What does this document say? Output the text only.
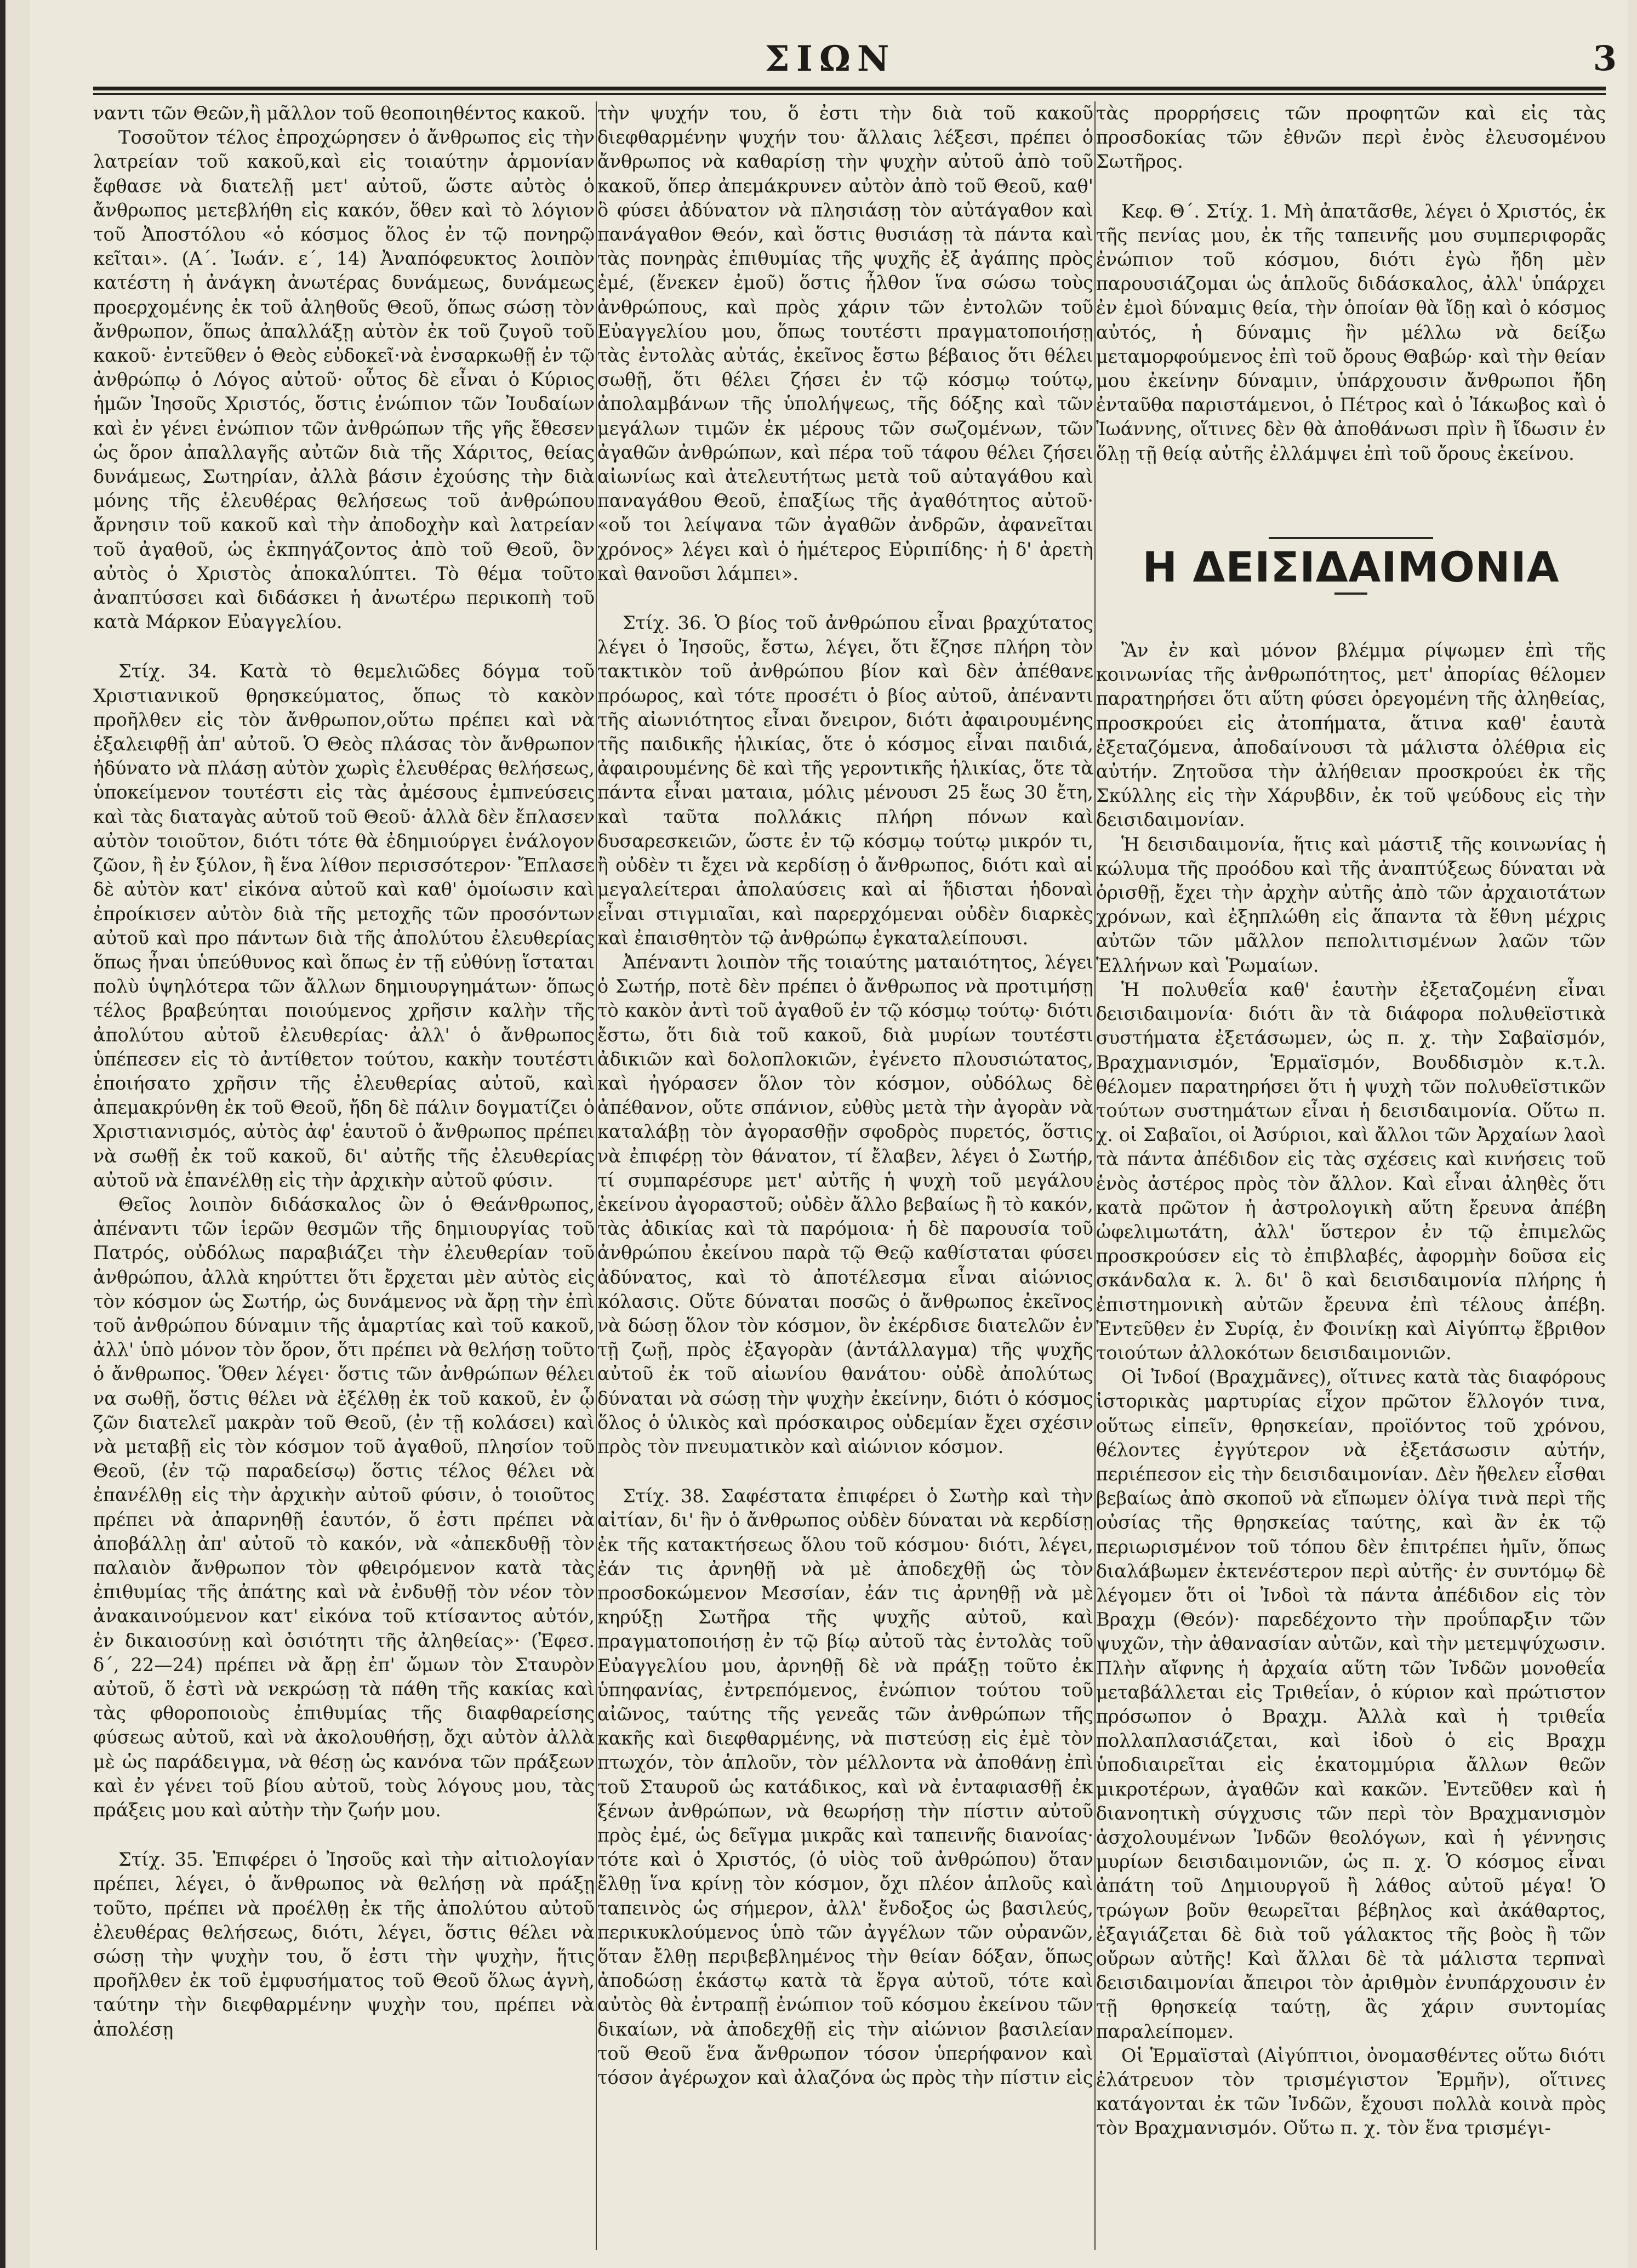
ΣΙΩΝ	3

ναντι τῶν Θεῶν,ἢ μᾶλλον τοῦ θεοποιηθέντος κακοῦ.

Τοσοῦτον τέλος ἐπροχώρησεν ὁ ἄνθρωπος εἰς τὴν λατρείαν τοῦ κακοῦ,καὶ εἰς τοιαύτην ἁρμονίαν ἔφθασε νὰ διατελῇ μετ' αὐτοῦ, ὥστε αὐτὸς ὁ ἄνθρωπος μετεβλήθη εἰς κακόν, ὅθεν καὶ τὸ λόγιον τοῦ Ἀποστόλου «ὁ κόσμος ὅλος ἐν τῷ πονηρῷ κεῖται». (Α΄. Ἰωάν. ε΄, 14) Ἀναπόφευκτος λοιπὸν κατέστη ἡ ἀνάγκη ἀνωτέρας δυνάμεως, δυνάμεως προερχομένης ἐκ τοῦ ἀληθοῦς Θεοῦ, ὅπως σώσῃ τὸν ἄνθρωπον, ὅπως ἀπαλλάξῃ αὐτὸν ἐκ τοῦ ζυγοῦ τοῦ κακοῦ· ἐντεῦθεν ὁ Θεὸς εὐδοκεῖ·νὰ ἐνσαρκωθῇ ἐν τῷ ἀνθρώπῳ ὁ Λόγος αὐτοῦ· οὗτος δὲ εἶναι ὁ Κύριος ἡμῶν Ἰησοῦς Χριστός, ὅστις ἐνώπιον τῶν Ἰουδαίων καὶ ἐν γένει ἐνώπιον τῶν ἀνθρώπων τῆς γῆς ἔθεσεν ὡς ὅρον ἀπαλλαγῆς αὐτῶν διὰ τῆς Χάριτος, θείας δυνάμεως, Σωτηρίαν, ἀλλὰ βάσιν ἐχούσης τὴν διὰ μόνης τῆς ἐλευθέρας θελήσεως τοῦ ἀνθρώπου ἄρνησιν τοῦ κακοῦ καὶ τὴν ἀποδοχὴν καὶ λατρείαν τοῦ ἀγαθοῦ, ὡς ἐκπηγάζοντος ἀπὸ τοῦ Θεοῦ, ὃν αὐτὸς ὁ Χριστὸς ἀποκαλύπτει. Τὸ θέμα τοῦτο ἀναπτύσσει καὶ διδάσκει ἡ ἀνωτέρω περικοπὴ τοῦ κατὰ Μάρκον Εὐαγγελίου.

Στίχ. 34. Κατὰ τὸ θεμελιῶδες δόγμα τοῦ Χριστιανικοῦ θρησκεύματος, ὅπως τὸ κακὸν προῆλθεν εἰς τὸν ἄνθρωπον,οὕτω πρέπει καὶ νὰ ἐξαλειφθῇ ἀπ' αὐτοῦ. Ὁ Θεὸς πλάσας τὸν ἄνθρωπον ἠδύνατο νὰ πλάσῃ αὐτὸν χωρὶς ἐλευθέρας θελήσεως, ὑποκείμενον τουτέστι εἰς τὰς ἀμέσους ἐμπνεύσεις καὶ τὰς διαταγὰς αὐτοῦ τοῦ Θεοῦ· ἀλλὰ δὲν ἔπλασεν αὐτὸν τοιοῦτον, διότι τότε θὰ ἐδημιούργει ἐνάλογον ζῶον, ἢ ἐν ξύλον, ἢ ἕνα λίθον περισσότερον· Ἔπλασε δὲ αὐτὸν κατ' εἰκόνα αὐτοῦ καὶ καθ' ὁμοίωσιν καὶ ἐπροίκισεν αὐτὸν διὰ τῆς μετοχῆς τῶν προσόντων αὐτοῦ καὶ προ πάντων διὰ τῆς ἀπολύτου ἐλευθερίας ὅπως ἦναι ὑπεύθυνος καὶ ὅπως ἐν τῇ εὐθύνῃ ἵσταται πολὺ ὑψηλότερα τῶν ἄλλων δημιουργημάτων· ὅπως τέλος βραβεύηται ποιούμενος χρῆσιν καλὴν τῆς ἀπολύτου αὐτοῦ ἐλευθερίας· ἀλλ' ὁ ἄνθρωπος ὑπέπεσεν εἰς τὸ ἀντίθετον τούτου, κακὴν τουτέστι ἐποιήσατο χρῆσιν τῆς ἐλευθερίας αὐτοῦ, καὶ ἀπεμακρύνθη ἐκ τοῦ Θεοῦ, ἤδη δὲ πάλιν δογματίζει ὁ Χριστιανισμός, αὐτὸς ἀφ' ἑαυτοῦ ὁ ἄνθρωπος πρέπει νὰ σωθῇ ἐκ τοῦ κακοῦ, δι' αὐτῆς τῆς ἐλευθερίας αὐτοῦ νὰ ἐπανέλθῃ εἰς τὴν ἀρχικὴν αὐτοῦ φύσιν.

Θεῖος λοιπὸν διδάσκαλος ὢν ὁ Θεάνθρωπος, ἀπέναντι τῶν ἱερῶν θεσμῶν τῆς δημιουργίας τοῦ Πατρός, οὐδόλως παραβιάζει τὴν ἐλευθερίαν τοῦ ἀνθρώπου, ἀλλὰ κηρύττει ὅτι ἔρχεται μὲν αὐτὸς εἰς τὸν κόσμον ὡς Σωτήρ, ὡς δυνάμενος νὰ ἄρῃ τὴν ἐπὶ τοῦ ἀνθρώπου δύναμιν τῆς ἁμαρτίας καὶ τοῦ κακοῦ, ἀλλ' ὑπὸ μόνον τὸν ὅρον, ὅτι πρέπει νὰ θελήσῃ τοῦτο ὁ ἄνθρωπος. Ὅθεν λέγει· ὅστις τῶν ἀνθρώπων θέλει να σωθῇ, ὅστις θέλει νὰ ἐξέλθῃ ἐκ τοῦ κακοῦ, ἐν ᾧ ζῶν διατελεῖ μακρὰν τοῦ Θεοῦ, (ἐν τῇ κολάσει) καὶ νὰ μεταβῇ εἰς τὸν κόσμον τοῦ ἀγαθοῦ, πλησίον τοῦ Θεοῦ, (ἐν τῷ παραδείσῳ) ὅστις τέλος θέλει νὰ ἐπανέλθῃ εἰς τὴν ἀρχικὴν αὐτοῦ φύσιν, ὁ τοιοῦτος πρέπει νὰ ἀπαρνηθῇ ἑαυτόν, ὅ ἐστι πρέπει νὰ ἀποβάλλῃ ἀπ' αὐτοῦ τὸ κακόν, νὰ «ἀπεκδυθῇ τὸν παλαιὸν ἄνθρωπον τὸν φθειρόμενον κατὰ τὰς ἐπιθυμίας τῆς ἀπάτης καὶ νὰ ἐνδυθῇ τὸν νέον τὸν ἀνακαινούμενον κατ' εἰκόνα τοῦ κτίσαντος αὐτόν, ἐν δικαιοσύνῃ καὶ ὁσιότητι τῆς ἀληθείας»· (Ἐφεσ. δ΄, 22—24) πρέπει νὰ ἄρῃ ἐπ' ὤμων τὸν Σταυρὸν αὐτοῦ, ὅ ἐστὶ νὰ νεκρώσῃ τὰ πάθη τῆς κακίας καὶ τὰς φθοροποιοὺς ἐπιθυμίας τῆς διαφθαρείσης φύσεως αὐτοῦ, καὶ νὰ ἀκολουθήσῃ, ὄχι αὐτὸν ἀλλὰ μὲ ὡς παράδειγμα, νὰ θέσῃ ὡς κανόνα τῶν πράξεων καὶ ἐν γένει τοῦ βίου αὐτοῦ, τοὺς λόγους μου, τὰς πράξεις μου καὶ αὐτὴν τὴν ζωήν μου.

Στίχ. 35. Ἐπιφέρει ὁ Ἰησοῦς καὶ τὴν αἰτιολογίαν πρέπει, λέγει, ὁ ἄνθρωπος νὰ θελήσῃ νὰ πράξῃ τοῦτο, πρέπει νὰ προέλθῃ ἐκ τῆς ἀπολύτου αὐτοῦ ἐλευθέρας θελήσεως, διότι, λέγει, ὅστις θέλει νὰ σώσῃ τὴν ψυχὴν του, ὅ ἐστι τὴν ψυχὴν, ἥτις προῆλθεν ἐκ τοῦ ἐμφυσήματος τοῦ Θεοῦ ὅλως ἁγνὴ, ταύτην τὴν διεφθαρμένην ψυχὴν του, πρέπει νὰ ἀπολέσῃ

τὴν ψυχήν του, ὅ ἐστι τὴν διὰ τοῦ κακοῦ διεφθαρμένην ψυχήν του· ἄλλαις λέξεσι, πρέπει ὁ ἄνθρωπος νὰ καθαρίσῃ τὴν ψυχὴν αὐτοῦ ἀπὸ τοῦ κακοῦ, ὅπερ ἀπεμάκρυνεν αὐτὸν ἀπὸ τοῦ Θεοῦ, καθ' ὃ φύσει ἀδύνατον νὰ πλησιάσῃ τὸν αὐτάγαθον καὶ πανάγαθον Θεόν, καὶ ὅστις θυσιάσῃ τὰ πάντα καὶ τὰς πονηρὰς ἐπιθυμίας τῆς ψυχῆς ἐξ ἀγάπης πρὸς ἐμέ, (ἕνεκεν ἐμοῦ) ὅστις ἦλθον ἵνα σώσω τοὺς ἀνθρώπους, καὶ πρὸς χάριν τῶν ἐντολῶν τοῦ Εὐαγγελίου μου, ὅπως τουτέστι πραγματοποιήσῃ τὰς ἐντολὰς αὐτάς, ἐκεῖνος ἔστω βέβαιος ὅτι θέλει σωθῇ, ὅτι θέλει ζήσει ἐν τῷ κόσμῳ τούτῳ, ἀπολαμβάνων τῆς ὑπολήψεως, τῆς δόξης καὶ τῶν μεγάλων τιμῶν ἐκ μέρους τῶν σωζομένων, τῶν ἀγαθῶν ἀνθρώπων, καὶ πέρα τοῦ τάφου θέλει ζήσει αἰωνίως καὶ ἀτελευτήτως μετὰ τοῦ αὐταγάθου καὶ παναγάθου Θεοῦ, ἐπαξίως τῆς ἀγαθότητος αὐτοῦ· «οὔ τοι λείψανα τῶν ἀγαθῶν ἀνδρῶν, ἀφανεῖται χρόνος» λέγει καὶ ὁ ἡμέτερος Εὐριπίδης· ἡ δ' ἀρετὴ καὶ θανοῦσι λάμπει».

Στίχ. 36. Ὁ βίος τοῦ ἀνθρώπου εἶναι βραχύτατος λέγει ὁ Ἰησοῦς, ἔστω, λέγει, ὅτι ἔζησε πλήρη τὸν τακτικὸν τοῦ ἀνθρώπου βίον καὶ δὲν ἀπέθανε πρόωρος, καὶ τότε προσέτι ὁ βίος αὐτοῦ, ἀπέναντι τῆς αἰωνιότητος εἶναι ὄνειρον, διότι ἀφαιρουμένης τῆς παιδικῆς ἡλικίας, ὅτε ὁ κόσμος εἶναι παιδιά, ἀφαιρουμένης δὲ καὶ τῆς γεροντικῆς ἡλικίας, ὅτε τὰ πάντα εἶναι ματαια, μόλις μένουσι 25 ἕως 30 ἔτη, καὶ ταῦτα πολλάκις πλήρη πόνων καὶ δυσαρεσκειῶν, ὥστε ἐν τῷ κόσμῳ τούτῳ μικρόν τι, ἢ οὐδὲν τι ἔχει νὰ κερδίσῃ ὁ ἄνθρωπος, διότι καὶ αἱ μεγαλείτεραι ἀπολαύσεις καὶ αἱ ἥδισται ἡδοναὶ εἶναι στιγμιαῖαι, καὶ παρερχόμεναι οὐδὲν διαρκὲς καὶ ἐπαισθητὸν τῷ ἀνθρώπῳ ἐγκαταλείπουσι.

Ἀπέναντι λοιπὸν τῆς τοιαύτης ματαιότητος, λέγει ὁ Σωτήρ, ποτὲ δὲν πρέπει ὁ ἄνθρωπος νὰ προτιμήσῃ τὸ κακὸν ἀντὶ τοῦ ἀγαθοῦ ἐν τῷ κόσμῳ τούτῳ· διότι ἔστω, ὅτι διὰ τοῦ κακοῦ, διὰ μυρίων τουτέστι ἀδικιῶν καὶ δολοπλοκιῶν, ἐγένετο πλουσιώτατος, καὶ ἠγόρασεν ὅλον τὸν κόσμον, οὐδόλως δὲ ἀπέθανον, οὔτε σπάνιον, εὐθὺς μετὰ τὴν ἀγορὰν νὰ καταλάβῃ τὸν ἀγορασθῇν σφοδρὸς πυρετός, ὅστις νὰ ἐπιφέρῃ τὸν θάνατον, τί ἔλαβεν, λέγει ὁ Σωτήρ, τί συμπαρέσυρε μετ' αὐτῆς ἡ ψυχὴ τοῦ μεγάλου ἐκείνου ἀγοραστοῦ; οὐδὲν ἄλλο βεβαίως ἢ τὸ κακόν, τὰς ἀδικίας καὶ τὰ παρόμοια· ἡ δὲ παρουσία τοῦ ἀνθρώπου ἐκείνου παρὰ τῷ Θεῷ καθίσταται φύσει ἀδύνατος, καὶ τὸ ἀποτέλεσμα εἶναι αἰώνιος κόλασις. Οὔτε δύναται ποσῶς ὁ ἄνθρωπος ἐκεῖνος νὰ δώσῃ ὅλον τὸν κόσμον, ὃν ἐκέρδισε διατελῶν ἐν τῇ ζωῇ, πρὸς ἐξαγορὰν (ἀντάλλαγμα) τῆς ψυχῆς αὐτοῦ ἐκ τοῦ αἰωνίου θανάτου· οὐδὲ ἀπολύτως δύναται νὰ σώσῃ τὴν ψυχὴν ἐκείνην, διότι ὁ κόσμος ὅλος ὁ ὑλικὸς καὶ πρόσκαιρος οὐδεμίαν ἔχει σχέσιν πρὸς τὸν πνευματικὸν καὶ αἰώνιον κόσμον.

Στίχ. 38. Σαφέστατα ἐπιφέρει ὁ Σωτὴρ καὶ τὴν αἰτίαν, δι' ἣν ὁ ἄνθρωπος οὐδὲν δύναται νὰ κερδίσῃ ἐκ τῆς κατακτήσεως ὅλου τοῦ κόσμου· διότι, λέγει, ἐάν τις ἀρνηθῇ νὰ μὲ ἀποδεχθῇ ὡς τὸν προσδοκώμενον Μεσσίαν, ἐάν τις ἀρνηθῇ νὰ μὲ κηρύξῃ Σωτῆρα τῆς ψυχῆς αὐτοῦ, καὶ πραγματοποιήσῃ ἐν τῷ βίῳ αὐτοῦ τὰς ἐντολὰς τοῦ Εὐαγγελίου μου, ἀρνηθῇ δὲ νὰ πράξῃ τοῦτο ἐκ ὑπηφανίας, ἐντρεπόμενος, ἐνώπιον τούτου τοῦ αἰῶνος, ταύτης τῆς γενεᾶς τῶν ἀνθρώπων τῆς κακῆς καὶ διεφθαρμένης, νὰ πιστεύσῃ εἰς ἐμὲ τὸν πτωχόν, τὸν ἁπλοῦν, τὸν μέλλοντα νὰ ἀποθάνῃ ἐπὶ τοῦ Σταυροῦ ὡς κατάδικος, καὶ νὰ ἐνταφιασθῇ ἐκ ξένων ἀνθρώπων, νὰ θεωρήσῃ τὴν πίστιν αὐτοῦ πρὸς ἐμέ, ὡς δεῖγμα μικρᾶς καὶ ταπεινῆς διανοίας· τότε καὶ ὁ Χριστός, (ὁ υἱὸς τοῦ ἀνθρώπου) ὅταν ἔλθῃ ἵνα κρίνῃ τὸν κόσμον, ὄχι πλέον ἁπλοῦς καὶ ταπεινὸς ὡς σήμερον, ἀλλ' ἔνδοξος ὡς βασιλεύς, περικυκλούμενος ὑπὸ τῶν ἀγγέλων τῶν οὐρανῶν, ὅταν ἔλθῃ περιβεβλημένος τὴν θείαν δόξαν, ὅπως ἀποδώσῃ ἑκάστῳ κατὰ τὰ ἔργα αὐτοῦ, τότε καὶ αὐτὸς θὰ ἐντραπῇ ἐνώπιον τοῦ κόσμου ἐκείνου τῶν δικαίων, νὰ ἀποδεχθῇ εἰς τὴν αἰώνιον βασιλείαν τοῦ Θεοῦ ἕνα ἄνθρωπον τόσον ὑπερήφανον καὶ τόσον ἀγέρωχον καὶ ἀλαζόνα ὡς πρὸς τὴν πίστιν εἰς

τὰς προρρήσεις τῶν προφητῶν καὶ εἰς τὰς προσδοκίας τῶν ἐθνῶν περὶ ἐνὸς ἐλευσομένου Σωτῆρος.

Κεφ. Θ΄. Στίχ. 1. Μὴ ἀπατᾶσθε, λέγει ὁ Χριστός, ἐκ τῆς πενίας μου, ἐκ τῆς ταπεινῆς μου συμπεριφορᾶς ἐνώπιον τοῦ κόσμου, διότι ἐγὼ ἤδη μὲν παρουσιάζομαι ὡς ἁπλοῦς διδάσκαλος, ἀλλ' ὑπάρχει ἐν ἐμοὶ δύναμις θεία, τὴν ὁποίαν θὰ ἴδῃ καὶ ὁ κόσμος αὐτός, ἡ δύναμις ἣν μέλλω νὰ δείξω μεταμορφούμενος ἐπὶ τοῦ ὄρους Θαβώρ· καὶ τὴν θείαν μου ἐκείνην δύναμιν, ὑπάρχουσιν ἄνθρωποι ἤδη ἐνταῦθα παριστάμενοι, ὁ Πέτρος καὶ ὁ Ἰάκωβος καὶ ὁ Ἰωάννης, οἵτινες δὲν θὰ ἀποθάνωσι πρὶν ἢ ἴδωσιν ἐν ὅλῃ τῇ θείᾳ αὐτῆς ἐλλάμψει ἐπὶ τοῦ ὄρους ἐκείνου.

Η ΔΕΙΣΙΔΑΙΜΟΝΙΑ

Ἂν ἐν καὶ μόνον βλέμμα ρίψωμεν ἐπὶ τῆς κοινωνίας τῆς ἀνθρωπότητος, μετ' ἀπορίας θέλομεν παρατηρήσει ὅτι αὕτη φύσει ὀρεγομένη τῆς ἀληθείας, προσκρούει εἰς ἀτοπήματα, ἅτινα καθ' ἑαυτὰ ἐξεταζόμενα, ἀποδαίνουσι τὰ μάλιστα ὀλέθρια εἰς αὐτήν. Ζητοῦσα τὴν ἀλήθειαν προσκρούει ἐκ τῆς Σκύλλης εἰς τὴν Χάρυβδιν, ἐκ τοῦ ψεύδους εἰς τὴν δεισιδαιμονίαν.

Ἡ δεισιδαιμονία, ἥτις καὶ μάστιξ τῆς κοινωνίας ἡ κώλυμα τῆς προόδου καὶ τῆς ἀναπτύξεως δύναται νὰ ὁρισθῇ, ἔχει τὴν ἀρχὴν αὐτῆς ἀπὸ τῶν ἀρχαιοτάτων χρόνων, καὶ ἐξηπλώθη εἰς ἅπαντα τὰ ἔθνη μέχρις αὐτῶν τῶν μᾶλλον πεπολιτισμένων λαῶν τῶν Ἑλλήνων καὶ Ῥωμαίων.

Ἡ πολυθεΐα καθ' ἑαυτὴν ἐξεταζομένη εἶναι δεισιδαιμονία· διότι ἂν τὰ διάφορα πολυθεϊστικὰ συστήματα ἐξετάσωμεν, ὡς π. χ. τὴν Σαβαϊσμόν, Βραχμανισμόν, Ἑρμαϊσμόν, Βουδδισμὸν κ.τ.λ. θέλομεν παρατηρήσει ὅτι ἡ ψυχὴ τῶν πολυθεϊστικῶν τούτων συστημάτων εἶναι ἡ δεισιδαιμονία. Οὕτω π. χ. οἱ Σαβαῖοι, οἱ Ἀσύριοι, καὶ ἄλλοι τῶν Ἀρχαίων λαοὶ τὰ πάντα ἀπέδιδον εἰς τὰς σχέσεις καὶ κινήσεις τοῦ ἑνὸς ἀστέρος πρὸς τὸν ἄλλον. Καὶ εἶναι ἀληθὲς ὅτι κατὰ πρῶτον ἡ ἀστρολογικὴ αὕτη ἔρευνα ἀπέβη ὠφελιμωτάτη, ἀλλ' ὕστερον ἐν τῷ ἐπιμελῶς προσκρούσεν εἰς τὸ ἐπιβλαβές, ἀφορμὴν δοῦσα εἰς σκάνδαλα κ. λ. δι' ὃ καὶ δεισιδαιμονία πλήρης ἡ ἐπιστημονικὴ αὐτῶν ἔρευνα ἐπὶ τέλους ἀπέβη. Ἐντεῦθεν ἐν Συρίᾳ, ἐν Φοινίκῃ καὶ Αἰγύπτῳ ἔβριθον τοιούτων ἀλλοκότων δεισιδαιμονιῶν.

Οἱ Ἰνδοί (Βραχμᾶνες), οἵτινες κατὰ τὰς διαφόρους ἱστορικὰς μαρτυρίας εἶχον πρῶτον ἕλλογόν τινα, οὕτως εἰπεῖν, θρησκείαν, προϊόντος τοῦ χρόνου, θέλοντες ἐγγύτερον νὰ ἐξετάσωσιν αὐτήν, περιέπεσον εἰς τὴν δεισιδαιμονίαν. Δὲν ἤθελεν εἶσθαι βεβαίως ἀπὸ σκοποῦ νὰ εἴπωμεν ὀλίγα τινὰ περὶ τῆς οὐσίας τῆς θρησκείας ταύτης, καὶ ἂν ἐκ τῷ περιωρισμένον τοῦ τόπου δὲν ἐπιτρέπει ἡμῖν, ὅπως διαλάβωμεν ἐκτενέστερον περὶ αὐτῆς· ἐν συντόμῳ δὲ λέγομεν ὅτι οἱ Ἰνδοὶ τὰ πάντα ἀπέδιδον εἰς τὸν Βραχμ (Θεόν)· παρεδέχοντο τὴν προΰπαρξιν τῶν ψυχῶν, τὴν ἀθανασίαν αὐτῶν, καὶ τὴν μετεμψύχωσιν. Πλὴν αἴφνης ἡ ἀρχαία αὕτη τῶν Ἰνδῶν μονοθεΐα μεταβάλλεται εἰς Τριθεΐαν, ὁ κύριον καὶ πρώτιστον πρόσωπον ὁ Βραχμ. Ἀλλὰ καὶ ἡ τριθεΐα πολλαπλασιάζεται, καὶ ἰδοὺ ὁ εἰς Βραχμ ὑποδιαιρεῖται εἰς ἑκατομμύρια ἄλλων θεῶν μικροτέρων, ἀγαθῶν καὶ κακῶν. Ἐντεῦθεν καὶ ἡ διανοητικὴ σύγχυσις τῶν περὶ τὸν Βραχμανισμὸν ἀσχολουμένων Ἰνδῶν θεολόγων, καὶ ἡ γέννησις μυρίων δεισιδαιμονιῶν, ὡς π. χ. Ὁ κόσμος εἶναι ἀπάτη τοῦ Δημιουργοῦ ἢ λάθος αὐτοῦ μέγα! Ὁ τρώγων βοῦν θεωρεῖται βέβηλος καὶ ἀκάθαρτος, ἐξαγιάζεται δὲ διὰ τοῦ γάλακτος τῆς βοὸς ἢ τῶν οὔρων αὐτῆς! Καὶ ἄλλαι δὲ τὰ μάλιστα τερπναὶ δεισιδαιμονίαι ἄπειροι τὸν ἀριθμὸν ἐνυπάρχουσιν ἐν τῇ θρησκείᾳ ταύτῃ, ἃς χάριν συντομίας παραλείπομεν.

Οἱ Ἑρμαϊσταὶ (Αἰγύπτιοι, ὀνομασθέντες οὕτω διότι ἐλάτρευον τὸν τρισμέγιστον Ἑρμῆν), οἵτινες κατάγονται ἐκ τῶν Ἰνδῶν, ἔχουσι πολλὰ κοινὰ πρὸς τὸν Βραχμανισμόν. Οὕτω π. χ. τὸν ἕνα τρισμέγι-
